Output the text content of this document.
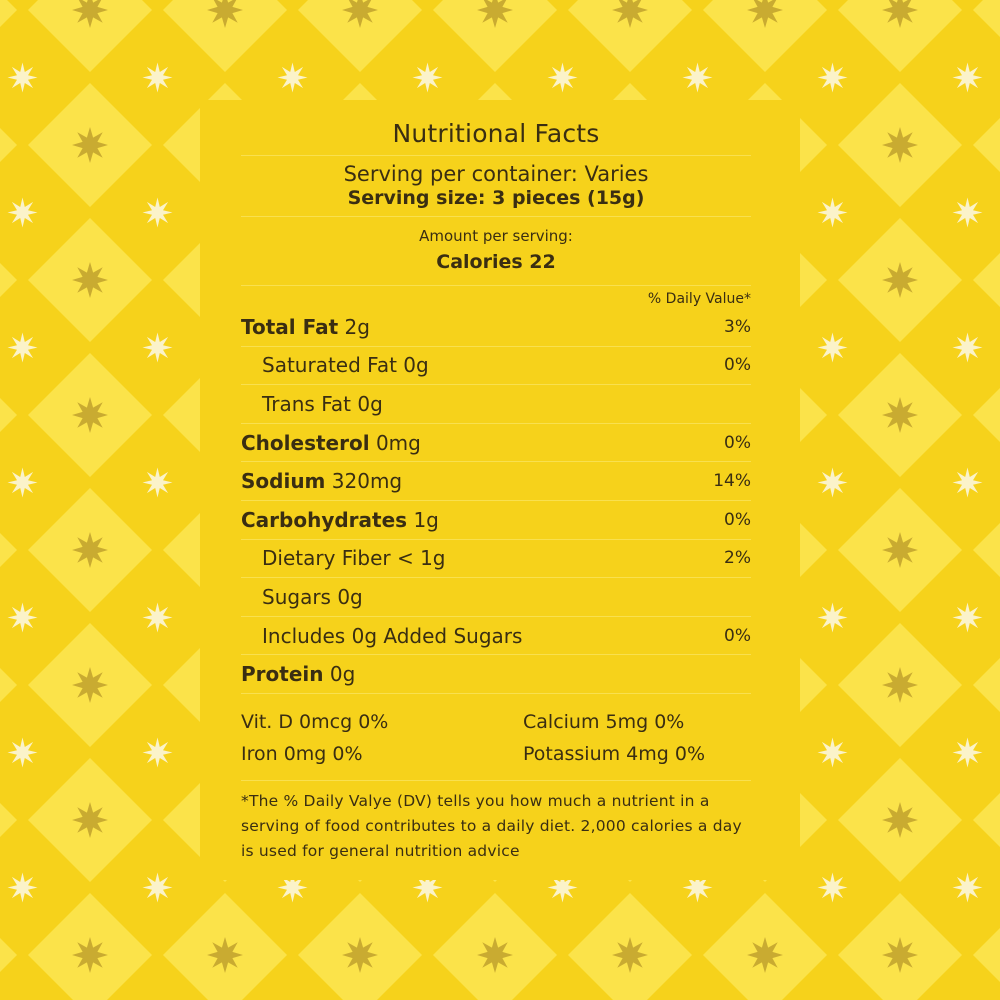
Nutritional Facts
Serving per container: Varies
Serving size: 3 pieces (15g)
Amount per serving:
Calories 22
% Daily Value*
Total Fat 2g	3%
Saturated Fat 0g	0%
Trans Fat 0g
Cholesterol 0mg	0%
Sodium 320mg	14%
Carbohydrates 1g	0%
Dietary Fiber < 1g	2%
Sugars 0g
Includes 0g Added Sugars	0%
Protein 0g
Vit. D 0mcg 0%	Calcium 5mg 0%
Iron 0mg 0%	Potassium 4mg 0%
*The % Daily Valye (DV) tells you how much a nutrient in a serving of food contributes to a daily diet. 2,000 calories a day is used for general nutrition advice
